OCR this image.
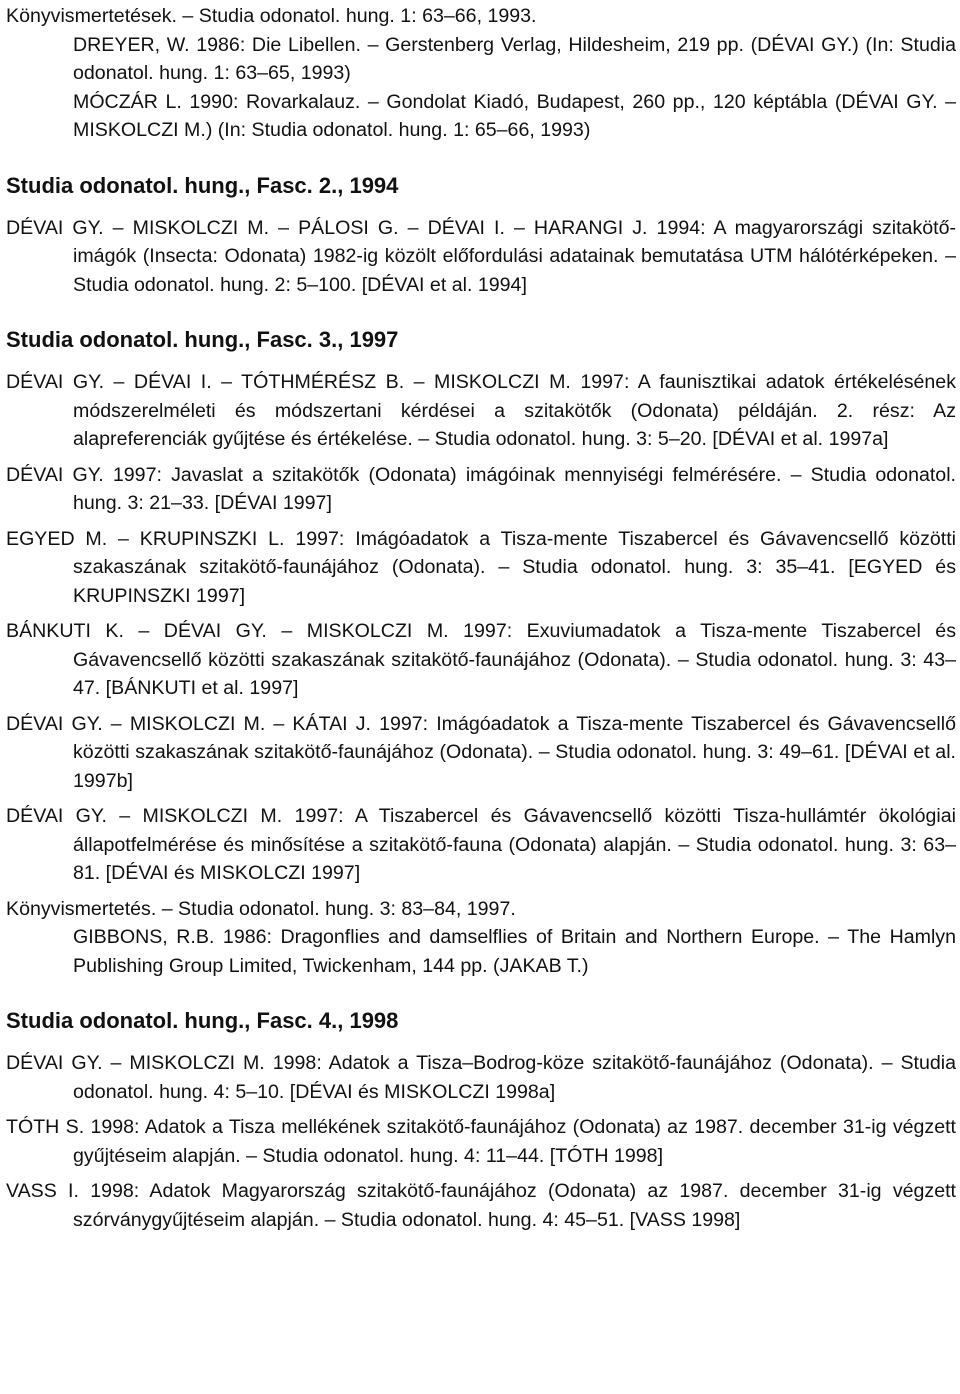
Könyvismertetések. – Studia odonatol. hung. 1: 63–66, 1993.

DREYER, W. 1986: Die Libellen. – Gerstenberg Verlag, Hildesheim, 219 pp. (DÉVAI GY.) (In: Studia odonatol. hung. 1: 63–65, 1993)

MÓCZÁR L. 1990: Rovarkalauz. – Gondolat Kiadó, Budapest, 260 pp., 120 képtábla (DÉVAI GY. – MISKOLCZI M.) (In: Studia odonatol. hung. 1: 65–66, 1993)

Studia odonatol. hung., Fasc. 2., 1994

DÉVAI GY. – MISKOLCZI M. – PÁLOSI G. – DÉVAI I. – HARANGI J. 1994: A magyarországi szitakötő-imágók (Insecta: Odonata) 1982-ig közölt előfordulási adatainak bemutatása UTM hálótérképeken. – Studia odonatol. hung. 2: 5–100. [DÉVAI et al. 1994]

Studia odonatol. hung., Fasc. 3., 1997

DÉVAI GY. – DÉVAI I. – TÓTHMÉRÉSZ B. – MISKOLCZI M. 1997: A faunisztikai adatok értékelésének módszerelméleti és módszertani kérdései a szitakötők (Odonata) példáján. 2. rész: Az alapreferenciák gyűjtése és értékelése. – Studia odonatol. hung. 3: 5–20. [DÉVAI et al. 1997a]

DÉVAI GY. 1997: Javaslat a szitakötők (Odonata) imágóinak mennyiségi felmérésére. – Studia odonatol. hung. 3: 21–33. [DÉVAI 1997]

EGYED M. – KRUPINSZKI L. 1997: Imágóadatok a Tisza-mente Tiszabercel és Gávavencsellő közötti szakaszának szitakötő-faunájához (Odonata). – Studia odonatol. hung. 3: 35–41. [EGYED és KRUPINSZKI 1997]

BÁNKUTI K. – DÉVAI GY. – MISKOLCZI M. 1997: Exuviumadatok a Tisza-mente Tiszabercel és Gávavencsellő közötti szakaszának szitakötő-faunájához (Odonata). – Studia odonatol. hung. 3: 43–47. [BÁNKUTI et al. 1997]

DÉVAI GY. – MISKOLCZI M. – KÁTAI J. 1997: Imágóadatok a Tisza-mente Tiszabercel és Gávavencsellő közötti szakaszának szitakötő-faunájához (Odonata). – Studia odonatol. hung. 3: 49–61. [DÉVAI et al. 1997b]

DÉVAI GY. – MISKOLCZI M. 1997: A Tiszabercel és Gávavencsellő közötti Tisza-hullámtér ökológiai állapotfelmérése és minősítése a szitakötő-fauna (Odonata) alapján. – Studia odonatol. hung. 3: 63–81. [DÉVAI és MISKOLCZI 1997]

Könyvismertetés. – Studia odonatol. hung. 3: 83–84, 1997.

GIBBONS, R.B. 1986: Dragonflies and damselflies of Britain and Northern Europe. – The Hamlyn Publishing Group Limited, Twickenham, 144 pp. (JAKAB T.)

Studia odonatol. hung., Fasc. 4., 1998

DÉVAI GY. – MISKOLCZI M. 1998: Adatok a Tisza–Bodrog-köze szitakötő-faunájához (Odonata). – Studia odonatol. hung. 4: 5–10. [DÉVAI és MISKOLCZI 1998a]

TÓTH S. 1998: Adatok a Tisza mellékének szitakötő-faunájához (Odonata) az 1987. december 31-ig végzett gyűjtéseim alapján. – Studia odonatol. hung. 4: 11–44. [TÓTH 1998]

VASS I. 1998: Adatok Magyarország szitakötő-faunájához (Odonata) az 1987. december 31-ig végzett szórványgyűjtéseim alapján. – Studia odonatol. hung. 4: 45–51. [VASS 1998]
